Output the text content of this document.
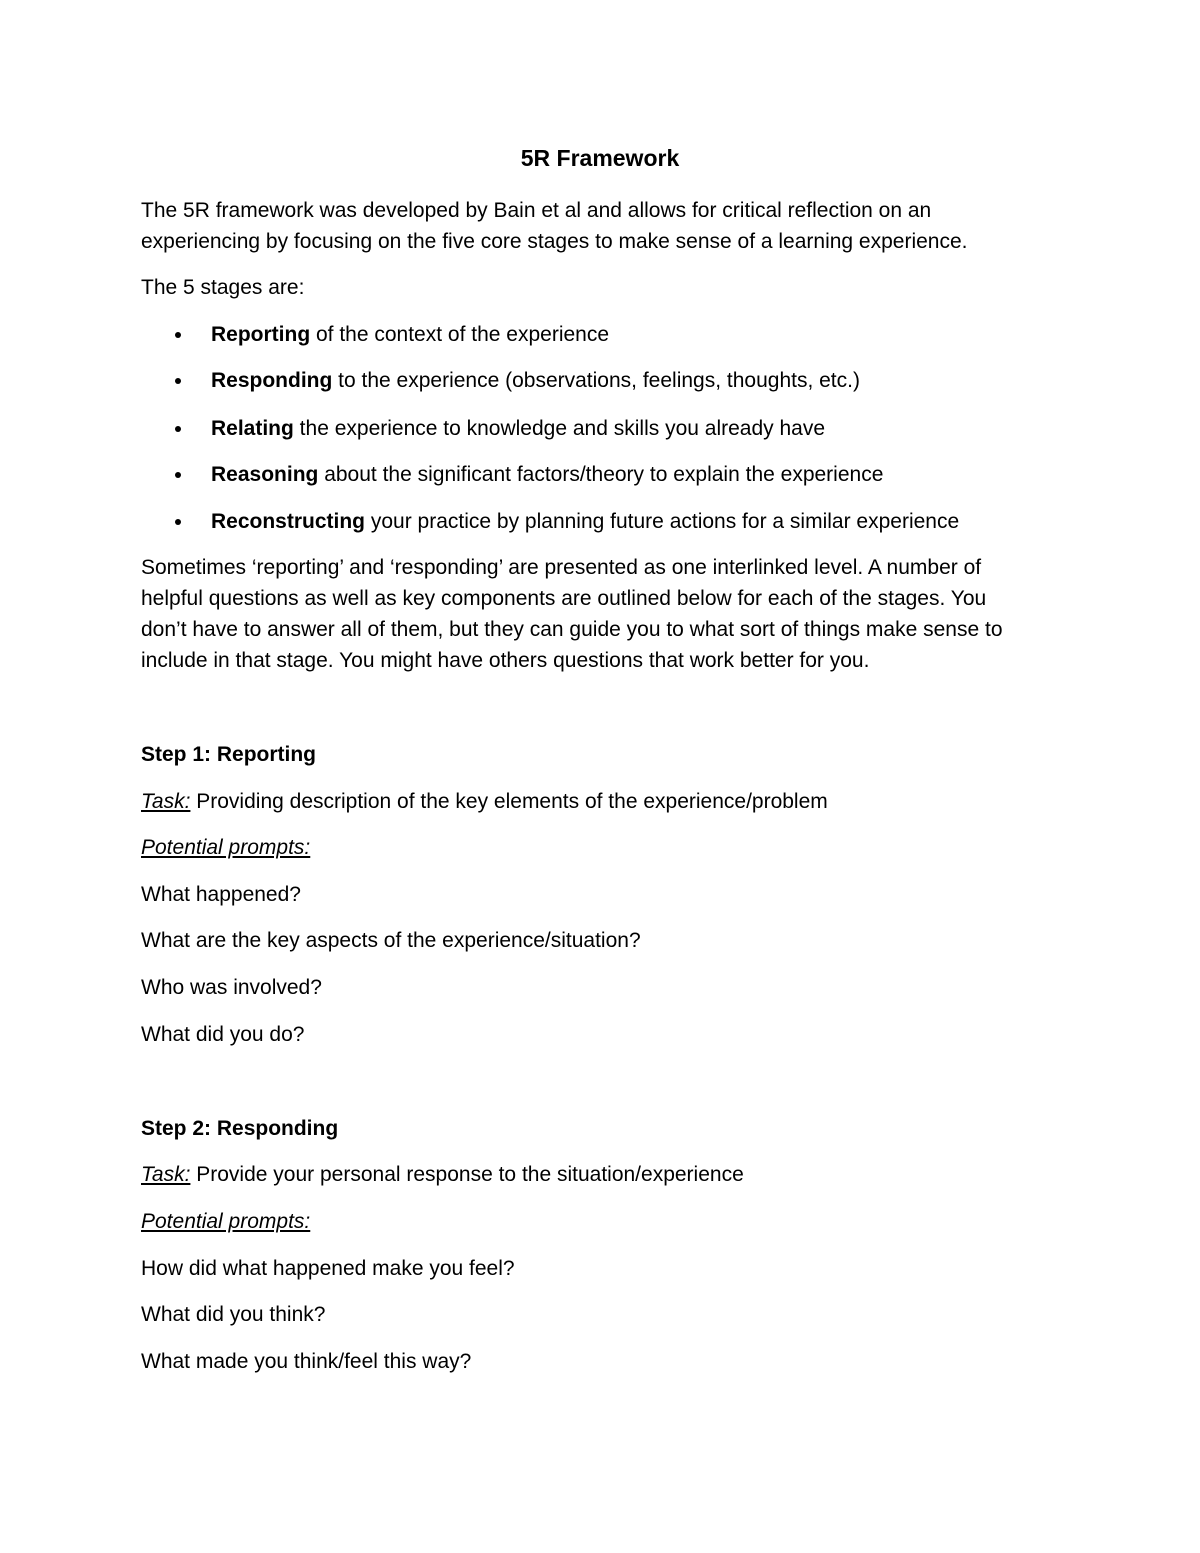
5R Framework
The 5R framework was developed by Bain et al and allows for critical reflection on an
experiencing by focusing on the five core stages to make sense of a learning experience.
The 5 stages are:
Reporting of the context of the experience
Responding to the experience (observations, feelings, thoughts, etc.)
Relating the experience to knowledge and skills you already have
Reasoning about the significant factors/theory to explain the experience
Reconstructing your practice by planning future actions for a similar experience
Sometimes ‘reporting’ and ‘responding’ are presented as one interlinked level. A number of
helpful questions as well as key components are outlined below for each of the stages. You
don’t have to answer all of them, but they can guide you to what sort of things make sense to
include in that stage. You might have others questions that work better for you.
Step 1: Reporting
Task: Providing description of the key elements of the experience/problem
Potential prompts:
What happened?
What are the key aspects of the experience/situation?
Who was involved?
What did you do?
Step 2: Responding
Task: Provide your personal response to the situation/experience
Potential prompts:
How did what happened make you feel?
What did you think?
What made you think/feel this way?
